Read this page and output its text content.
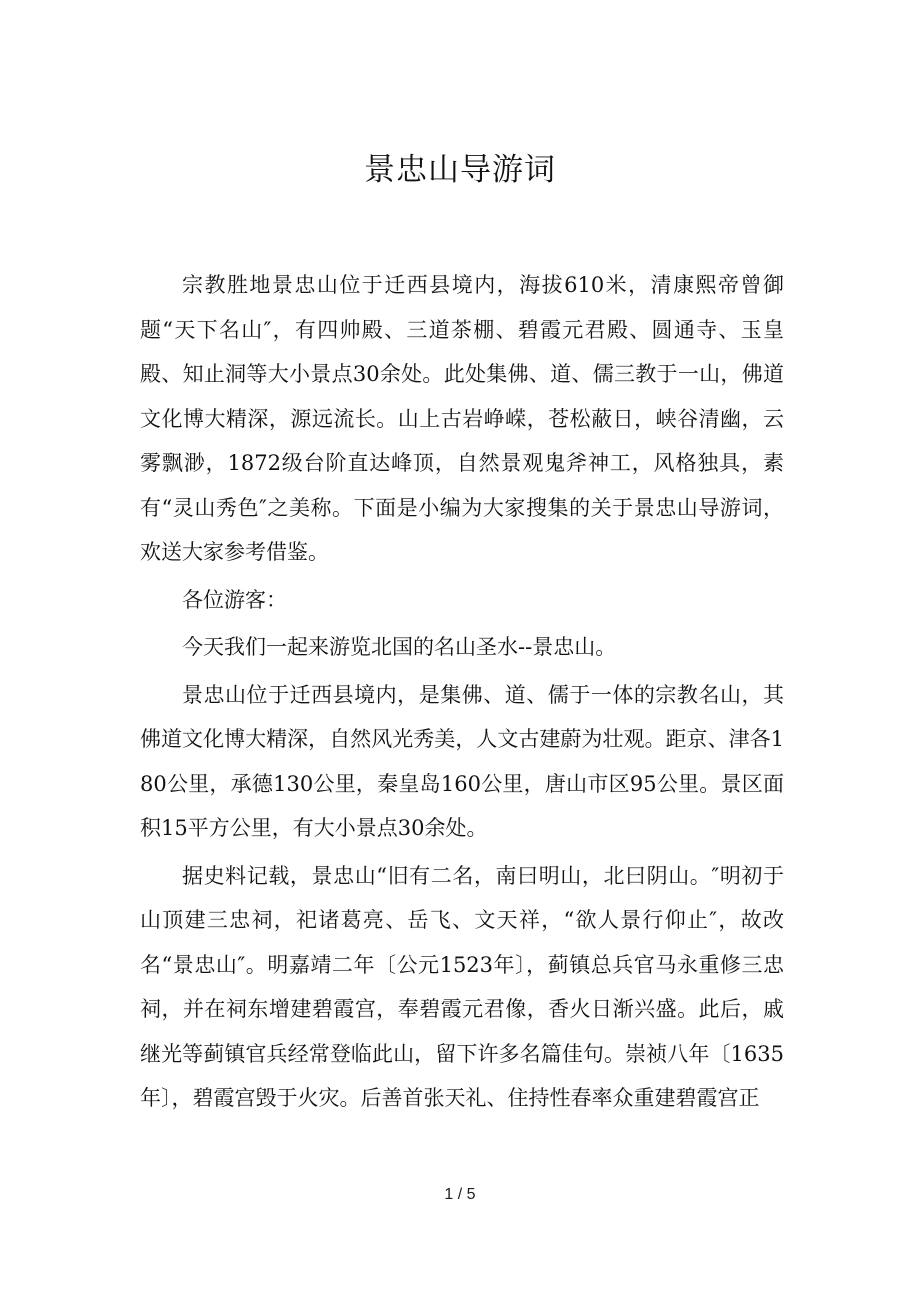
景忠山导游词

宗教胜地景忠山位于迁西县境内，海拔610米，清康熙帝曾御题“天下名山″，有四帅殿、三道茶棚、碧霞元君殿、圆通寺、玉皇殿、知止洞等大小景点30余处。此处集佛、道、儒三教于一山，佛道文化博大精深，源远流长。山上古岩峥嵘，苍松蔽日，峡谷清幽，云雾飘渺，1872级台阶直达峰顶，自然景观鬼斧神工，风格独具，素有“灵山秀色″之美称。下面是小编为大家搜集的关于景忠山导游词，欢送大家参考借鉴。

各位游客：

今天我们一起来游览北国的名山圣水--景忠山。

景忠山位于迁西县境内，是集佛、道、儒于一体的宗教名山，其佛道文化博大精深，自然风光秀美，人文古建蔚为壮观。距京、津各180公里，承德130公里，秦皇岛160公里，唐山市区95公里。景区面积15平方公里，有大小景点30余处。

据史料记载，景忠山“旧有二名，南曰明山，北曰阴山。″明初于山顶建三忠祠，祀诸葛亮、岳飞、文天祥，“欲人景行仰止″，故改名“景忠山″。明嘉靖二年〔公元1523年〕，蓟镇总兵官马永重修三忠祠，并在祠东增建碧霞宫，奉碧霞元君像，香火日渐兴盛。此后，戚继光等蓟镇官兵经常登临此山，留下许多名篇佳句。崇祯八年〔1635年〕，碧霞宫毁于火灾。后善首张天礼、住持性春率众重建碧霞宫正

1 / 5
